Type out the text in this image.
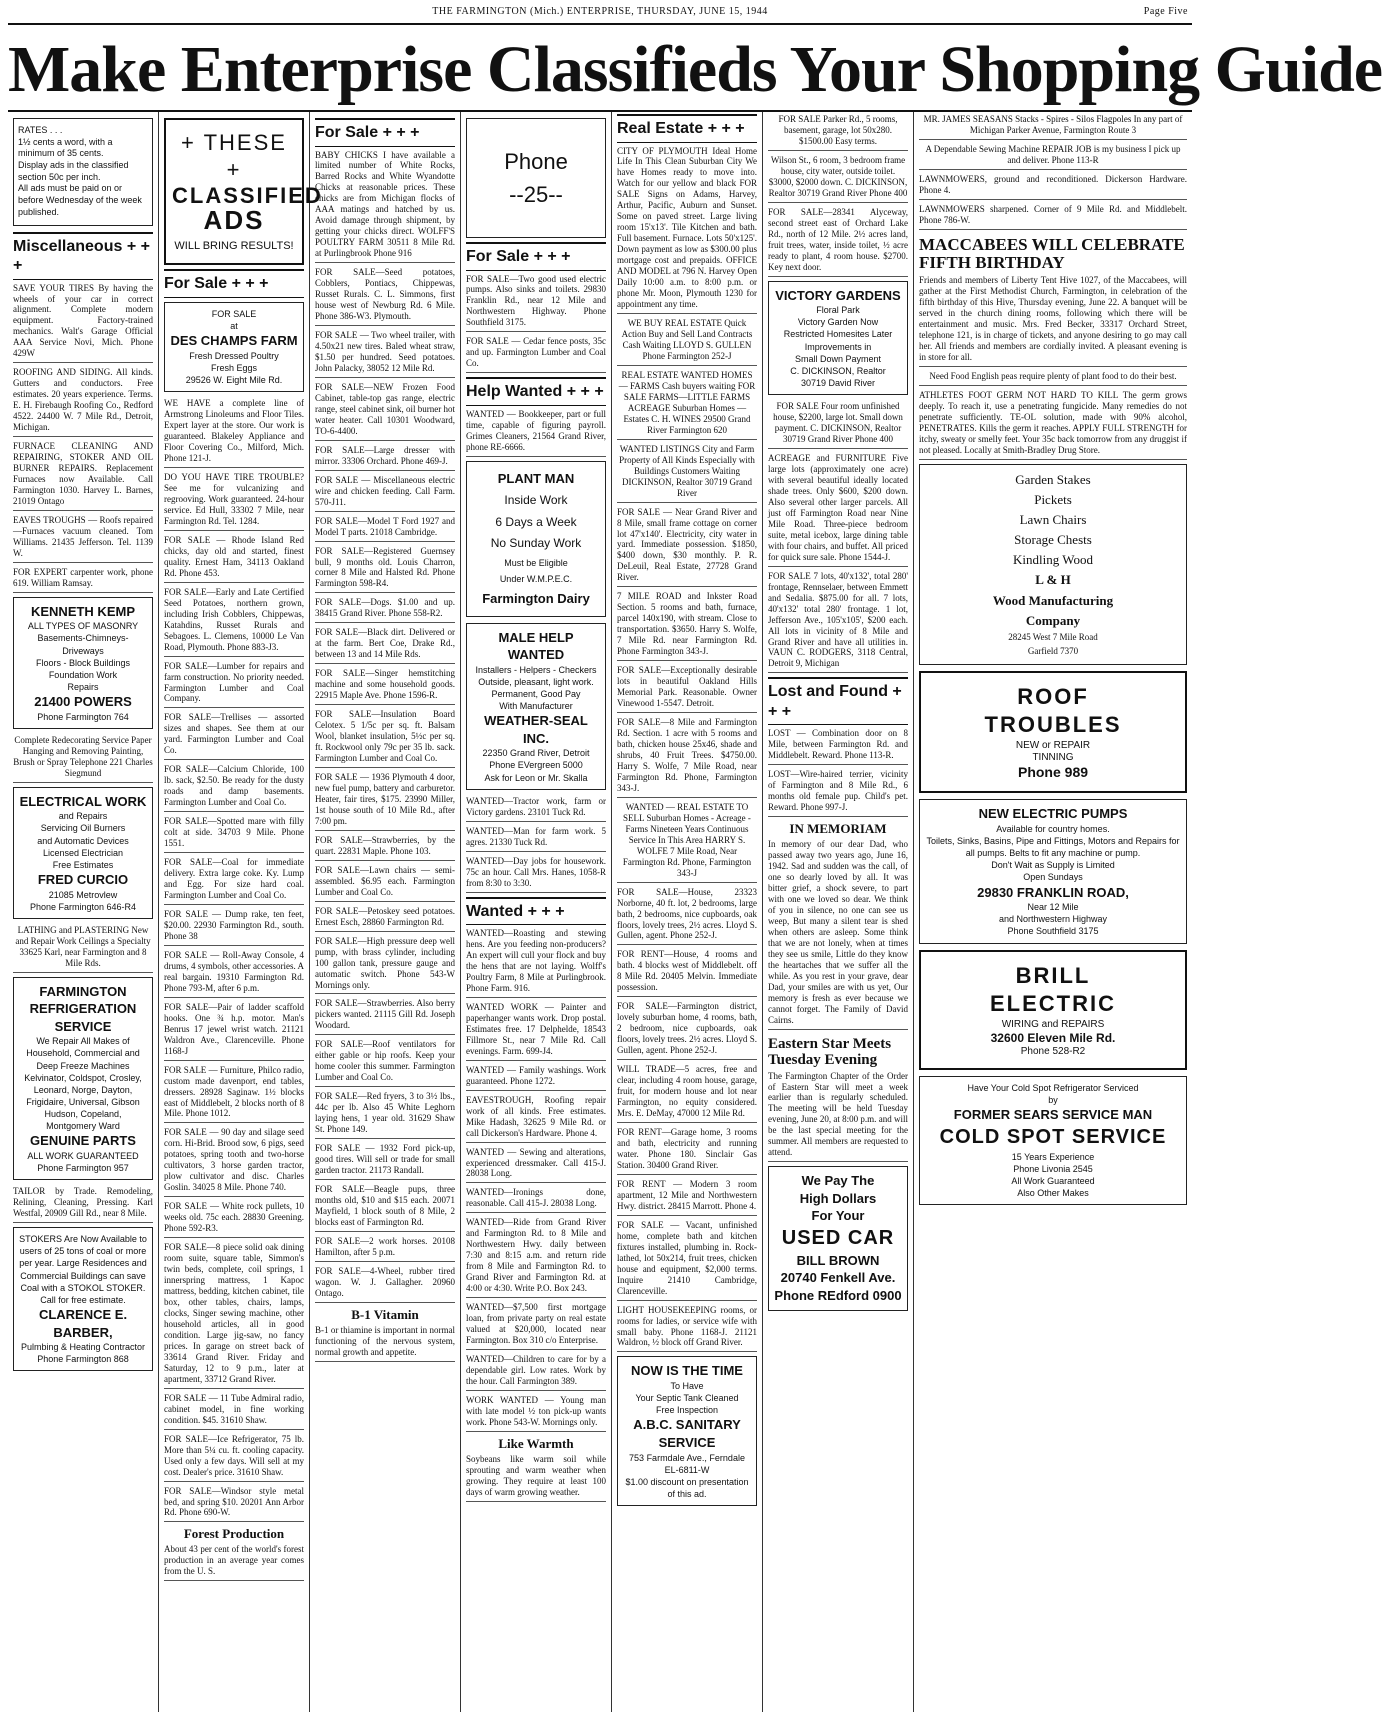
THE FARMINGTON (Mich.) ENTERPRISE, THURSDAY, JUNE 15, 1944	Page Five
Make Enterprise Classifieds Your Shopping Guide
RATES . . .
1½ cents a word, with a minimum of 35 cents.
Display ads in the classified section 50c per inch.
All ads must be paid on or before Wednesday of the week published.
Miscellaneous + + +
SAVE YOUR TIRES By having the wheels of your car in correct alignment. Complete modern equipment. Factory-trained mechanics. Walt's Garage Official AAA Service Novi, Mich. Phone 429W
ROOFING AND SIDING. All kinds. Gutters and conductors. Free estimates. 20 years experience. Terms. E. H. Firebaugh Roofing Co., Redford 4522. 24400 W. 7 Mile Rd., Detroit, Michigan.
FURNACE CLEANING AND REPAIRING, STOKER AND OIL BURNER REPAIRS. Replacement Furnaces now Available. Call Farmington 1030. Harvey L. Barnes, 21019 Ontago
EAVES TROUGHS — Roofs repaired—Furnaces vacuum cleaned. Tom Williams. 21435 Jefferson. Tel. 1139 W.
FOR EXPERT carpenter work, phone 619. William Ramsay.
KENNETH KEMP
ALL TYPES OF MASONRY
Basements-Chimneys-Driveways
Floors - Block Buildings
Foundation Work
Repairs
21400 POWERS
Phone Farmington 764
Complete Redecorating Service Paper Hanging and Removing Painting, Brush or Spray Telephone 221 Charles Siegmund
ELECTRICAL WORK
and Repairs
Servicing Oil Burners
and Automatic Devices
Licensed Electrician
Free Estimates
FRED CURCIO
21085 Metrovlew
Phone Farmington 646-R4
LATHING and PLASTERING New and Repair Work Ceilings a Specialty 33625 Karl, near Farmington and 8 Mile Rds.
FARMINGTON
REFRIGERATION SERVICE
We Repair All Makes of
Household, Commercial and
Deep Freeze Machines
Kelvinator, Coldspot, Crosley,
Leonard, Norge, Dayton,
Frigidaire, Universal, Gibson
Hudson, Copeland,
Montgomery Ward
GENUINE PARTS
ALL WORK GUARANTEED
Phone Farmington 957
TAILOR by Trade. Remodeling, Relining, Cleaning, Pressing. Karl Westfal, 20909 Gill Rd., near 8 Mile.
STOKERS Are Now Available to users of 25 tons of coal or more per year. Large Residences and Commercial Buildings can save Coal with a STOKOL STOKER. Call for free estimate.
CLARENCE E. BARBER,
Pulmbing & Heating Contractor
Phone Farmington 868
+ THESE +
CLASSIFIED
ADS
WILL BRING RESULTS!
For Sale + + +
FOR SALE
at
DES CHAMPS FARM
Fresh Dressed Poultry
Fresh Eggs
29526 W. Eight Mile Rd.
WE HAVE a complete line of Armstrong Linoleums and Floor Tiles. Expert layer at the store. Our work is guaranteed. Blakeley Appliance and Floor Covering Co., Milford, Mich. Phone 121-J.
DO YOU HAVE TIRE TROUBLE? See me for vulcanizing and regrooving. Work guaranteed. 24-hour service. Ed Hull, 33302 7 Mile, near Farmington Rd. Tel. 1284.
FOR SALE — Rhode Island Red chicks, day old and started, finest quality. Ernest Ham, 34113 Oakland Rd. Phone 453.
FOR SALE—Early and Late Certified Seed Potatoes, northern grown, including Irish Cobblers, Chippewas, Katahdins, Russet Rurals and Sebagoes. L. Clemens, 10000 Le Van Road, Plymouth. Phone 883-J3.
FOR SALE—Lumber for repairs and farm construction. No priority needed. Farmington Lumber and Coal Company.
FOR SALE—Trellises — assorted sizes and shapes. See them at our yard. Farmington Lumber and Coal Co.
FOR SALE—Calcium Chloride, 100 lb. sack, $2.50. Be ready for the dusty roads and damp basements. Farmington Lumber and Coal Co.
FOR SALE—Spotted mare with filly colt at side. 34703 9 Mile. Phone 1551.
FOR SALE—Coal for immediate delivery. Extra large coke. Ky. Lump and Egg. For size hard coal. Farmington Lumber and Coal Co.
FOR SALE — Dump rake, ten feet, $20.00. 22930 Farmington Rd., south. Phone 38
FOR SALE — Roll-Away Console, 4 drums, 4 symbols, other accessories. A real bargain. 19310 Farmington Rd. Phone 793-M, after 6 p.m.
FOR SALE—Pair of ladder scaffold hooks. One ¾ h.p. motor. Man's Benrus 17 jewel wrist watch. 21121 Waldron Ave., Clarenceville. Phone 1168-J
FOR SALE — Furniture, Philco radio, custom made davenport, end tables, dressers. 28928 Saginaw. 1½ blocks east of Middlebelt, 2 blocks north of 8 Mile. Phone 1012.
FOR SALE — 90 day and silage seed corn. Hi-Brid. Brood sow, 6 pigs, seed potatoes, spring tooth and two-horse cultivators, 3 horse garden tractor, plow cultivator and disc. Charles Goslin. 34025 8 Mile. Phone 740.
FOR SALE — White rock pullets, 10 weeks old. 75c each. 28830 Greening. Phone 592-R3.
FOR SALE—8 piece solid oak dining room suite, square table, Simmon's twin beds, complete, coil springs, 1 innerspring mattress, 1 Kapoc mattress, bedding, kitchen cabinet, tile box, other tables, chairs, lamps, clocks, Singer sewing machine, other household articles, all in good condition. Large jig-saw, no fancy prices. In garage on street back of 33614 Grand River. Friday and Saturday, 12 to 9 p.m., later at apartment, 33712 Grand River.
FOR SALE — 11 Tube Admiral radio, cabinet model, in fine working condition. $45. 31610 Shaw.
FOR SALE—Ice Refrigerator, 75 lb. More than 5¼ cu. ft. cooling capacity. Used only a few days. Will sell at my cost. Dealer's price. 31610 Shaw.
FOR SALE—Windsor style metal bed, and spring $10. 20201 Ann Arbor Rd. Phone 690-W.
Forest Production
About 43 per cent of the world's forest production in an average year comes from the U. S.
For Sale + + +
BABY CHICKS I have available a limited number of White Rocks, Barred Rocks and White Wyandotte Chicks at reasonable prices. These chicks are from Michigan flocks of AAA matings and hatched by us. Avoid damage through shipment, by getting your chicks direct. WOLFF'S POULTRY FARM 30511 8 Mile Rd. at Purlingbrook Phone 916
FOR SALE—Seed potatoes, Cobblers, Pontiacs, Chippewas, Russet Rurals. C. L. Simmons, first house west of Newburg Rd. 6 Mile. Phone 386-W3. Plymouth.
FOR SALE — Two wheel trailer, with 4.50x21 new tires. Baled wheat straw, $1.50 per hundred. Seed potatoes. John Palacky, 38052 12 Mile Rd.
FOR SALE—NEW Frozen Food Cabinet, table-top gas range, electric range, steel cabinet sink, oil burner hot water heater. Call 10301 Woodward, TO-6-4400.
FOR SALE—Large dresser with mirror. 33306 Orchard. Phone 469-J.
FOR SALE — Miscellaneous electric wire and chicken feeding. Call Farm. 570-J11.
FOR SALE—Model T Ford 1927 and Model T parts. 21018 Cambridge.
FOR SALE—Registered Guernsey bull, 9 months old. Louis Charron, corner 8 Mile and Halsted Rd. Phone Farmington 598-R4.
FOR SALE—Dogs. $1.00 and up. 38415 Grand River. Phone 558-R2.
FOR SALE—Black dirt. Delivered or at the farm. Bert Coe, Drake Rd., between 13 and 14 Mile Rds.
FOR SALE—Singer hemstitching machine and some household goods. 22915 Maple Ave. Phone 1596-R.
FOR SALE—Insulation Board Celotex. 5 1/5c per sq. ft. Balsam Wool, blanket insulation, 5½c per sq. ft. Rockwool only 79c per 35 lb. sack. Farmington Lumber and Coal Co.
FOR SALE — 1936 Plymouth 4 door, new fuel pump, battery and carburetor. Heater, fair tires, $175. 23990 Miller, 1st house south of 10 Mile Rd., after 7:00 pm.
FOR SALE—Strawberries, by the quart. 22831 Maple. Phone 103.
FOR SALE—Lawn chairs — semi-assembled. $6.95 each. Farmington Lumber and Coal Co.
FOR SALE—Petoskey seed potatoes. Ernest Esch, 28860 Farmington Rd.
FOR SALE—High pressure deep well pump, with brass cylinder, including 100 gallon tank, pressure gauge and automatic switch. Phone 543-W Mornings only.
FOR SALE—Strawberries. Also berry pickers wanted. 21115 Gill Rd. Joseph Woodard.
FOR SALE—Roof ventilators for either gable or hip roofs. Keep your home cooler this summer. Farmington Lumber and Coal Co.
FOR SALE—Red fryers, 3 to 3½ lbs., 44c per lb. Also 45 White Leghorn laying hens, 1 year old. 31629 Shaw St. Phone 149.
FOR SALE — 1932 Ford pick-up, good tires. Will sell or trade for small garden tractor. 21173 Randall.
FOR SALE—Beagle pups, three months old, $10 and $15 each. 20071 Mayfield, 1 block south of 8 Mile, 2 blocks east of Farmington Rd.
FOR SALE—2 work horses. 20108 Hamilton, after 5 p.m.
FOR SALE—4-Wheel, rubber tired wagon. W. J. Gallagher. 20960 Ontago.
B-1 Vitamin
B-1 or thiamine is important in normal functioning of the nervous system, normal growth and appetite.
Phone
--25--
For Sale + + +
FOR SALE—Two good used electric pumps. Also sinks and toilets. 29830 Franklin Rd., near 12 Mile and Northwestern Highway. Phone Southfield 3175.
FOR SALE — Cedar fence posts, 35c and up. Farmington Lumber and Coal Co.
Help Wanted + + +
WANTED — Bookkeeper, part or full time, capable of figuring payroll. Grimes Cleaners, 21564 Grand River, phone RE-6666.
PLANT MAN
Inside Work
6 Days a Week
No Sunday Work
Must be Eligible
Under W.M.P.E.C.
Farmington Dairy
MALE HELP WANTED
Installers - Helpers - Checkers
Outside, pleasant, light work.
Permanent, Good Pay
With Manufacturer
WEATHER-SEAL INC.
22350 Grand River, Detroit
Phone EVergreen 5000
Ask for Leon or Mr. Skalla
WANTED—Tractor work, farm or Victory gardens. 23101 Tuck Rd.
WANTED—Man for farm work. 5 agres. 21330 Tuck Rd.
WANTED—Day jobs for housework. 75c an hour. Call Mrs. Hanes, 1058-R from 8:30 to 3:30.
Wanted + + +
WANTED—Roasting and stewing hens. Are you feeding non-producers? An expert will cull your flock and buy the hens that are not laying. Wolff's Poultry Farm, 8 Mile at Purlingbrook. Phone Farm. 916.
WANTED WORK — Painter and paperhanger wants work. Drop postal. Estimates free. 17 Delphelde, 18543 Fillmore St., near 7 Mile Rd. Call evenings. Farm. 699-J4.
WANTED — Family washings. Work guaranteed. Phone 1272.
EAVESTROUGH, Roofing repair work of all kinds. Free estimates. Mike Hadash, 32625 9 Mile Rd. or call Dickerson's Hardware. Phone 4.
WANTED — Sewing and alterations, experienced dressmaker. Call 415-J. 28038 Long.
WANTED—Ironings done, reasonable. Call 415-J. 28038 Long.
WANTED—Ride from Grand River and Farmington Rd. to 8 Mile and Northwestern Hwy. daily between 7:30 and 8:15 a.m. and return ride from 8 Mile and Farmington Rd. to Grand River and Farmington Rd. at 4:00 or 4:30. Write P.O. Box 243.
WANTED—$7,500 first mortgage loan, from private party on real estate valued at $20,000, located near Farmington. Box 310 c/o Enterprise.
WANTED—Children to care for by a dependable girl. Low rates. Work by the hour. Call Farmington 389.
WORK WANTED — Young man with late model ½ ton pick-up wants work. Phone 543-W. Mornings only.
Like Warmth
Soybeans like warm soil while sprouting and warm weather when growing. They require at least 100 days of warm growing weather.
Real Estate + + +
CITY OF PLYMOUTH Ideal Home Life In This Clean Suburban City We have Homes ready to move into. Watch for our yellow and black FOR SALE Signs on Adams, Harvey, Arthur, Pacific, Auburn and Sunset. Some on paved street. Large living room 15'x13'. Tile Kitchen and bath. Full basement. Furnace. Lots 50'x125'. Down payment as low as $300.00 plus mortgage cost and prepaids. OFFICE AND MODEL at 796 N. Harvey Open Daily 10:00 a.m. to 8:00 p.m. or phone Mr. Moon, Plymouth 1230 for appointment any time.
WE BUY REAL ESTATE Quick Action Buy and Sell Land Contracts Cash Waiting LLOYD S. GULLEN Phone Farmington 252-J
REAL ESTATE WANTED HOMES — FARMS Cash buyers waiting FOR SALE FARMS—LITTLE FARMS ACREAGE Suburban Homes — Estates C. H. WINES 29500 Grand River Farmington 620
WANTED LISTINGS City and Farm Property of All Kinds Especially with Buildings Customers Waiting DICKINSON, Realtor 30719 Grand River
FOR SALE — Near Grand River and 8 Mile, small frame cottage on corner lot 47'x140'. Electricity, city water in yard. Immediate possession. $1850, $400 down, $30 monthly. P. R. DeLeuil, Real Estate, 27728 Grand River.
7 MILE ROAD and Inkster Road Section. 5 rooms and bath, furnace, parcel 140x190, with stream. Close to transportation. $3650. Harry S. Wolfe, 7 Mile Rd. near Farmington Rd. Phone Farmington 343-J.
FOR SALE—Exceptionally desirable lots in beautiful Oakland Hills Memorial Park. Reasonable. Owner Vinewood 1-5547. Detroit.
FOR SALE—8 Mile and Farmington Rd. Section. 1 acre with 5 rooms and bath, chicken house 25x46, shade and shrubs, 40 Fruit Trees. $4750.00. Harry S. Wolfe, 7 Mile Road, near Farmington Rd. Phone, Farmington 343-J.
WANTED — REAL ESTATE TO SELL Suburban Homes - Acreage - Farms Nineteen Years Continuous Service In This Area HARRY S. WOLFE 7 Mile Road, Near Farmington Rd. Phone, Farmington 343-J
FOR SALE—House, 23323 Norborne, 40 ft. lot, 2 bedrooms, large bath, 2 bedrooms, nice cupboards, oak floors, lovely trees, 2½ acres. Lloyd S. Gullen, agent. Phone 252-J.
FOR RENT—House, 4 rooms and bath. 4 blocks west of Middlebelt. off 8 Mile Rd. 20405 Melvin. Immediate possession.
FOR SALE—Farmington district, lovely suburban home, 4 rooms, bath, 2 bedroom, nice cupboards, oak floors, lovely trees. 2½ acres. Lloyd S. Gullen, agent. Phone 252-J.
WILL TRADE—5 acres, free and clear, including 4 room house, garage, fruit, for modern house and lot near Farmington, no equity considered. Mrs. E. DeMay, 47000 12 Mile Rd.
FOR RENT—Garage home, 3 rooms and bath, electricity and running water. Phone 180. Sinclair Gas Station. 30400 Grand River.
FOR RENT — Modern 3 room apartment, 12 Mile and Northwestern Hwy. district. 28415 Marrott. Phone 4.
FOR SALE — Vacant, unfinished home, complete bath and kitchen fixtures installed, plumbing in. Rock-lathed, lot 50x214, fruit trees, chicken house and equipment, $2,000 terms. Inquire 21410 Cambridge, Clarenceville.
LIGHT HOUSEKEEPING rooms, or rooms for ladies, or service wife with small baby. Phone 1168-J. 21121 Waldron, ½ block off Grand River.
NOW IS THE TIME
To Have
Your Septic Tank Cleaned
Free Inspection
A.B.C. SANITARY SERVICE
753 Farmdale Ave., Ferndale
EL-6811-W
$1.00 discount on presentation of this ad.
FOR SALE Parker Rd., 5 rooms, basement, garage, lot 50x280. $1500.00 Easy terms.
Wilson St., 6 room, 3 bedroom frame house, city water, outside toilet. $3000, $2000 down. C. DICKINSON, Realtor 30719 Grand River Phone 400
FOR SALE—28341 Alyceway, second street east of Orchard Lake Rd., north of 12 Mile. 2½ acres land, fruit trees, water, inside toilet, ½ acre ready to plant, 4 room house. $2700. Key next door.
VICTORY GARDENS
Floral Park
Victory Garden Now
Restricted Homesites Later
Improvements in
Small Down Payment
C. DICKINSON, Realtor
30719 David River
FOR SALE Four room unfinished house, $2200, large lot. Small down payment. C. DICKINSON, Realtor 30719 Grand River Phone 400
ACREAGE and FURNITURE Five large lots (approximately one acre) with several beautiful ideally located shade trees. Only $600, $200 down. Also several other larger parcels. All just off Farmington Road near Nine Mile Road. Three-piece bedroom suite, metal icebox, large dining table with four chairs, and buffet. All priced for quick sure sale. Phone 1544-J.
FOR SALE 7 lots, 40'x132', total 280' frontage, Rennselaer, between Emmett and Sedalia. $875.00 for all. 7 lots, 40'x132' total 280' frontage. 1 lot, Jefferson Ave., 105'x105', $200 each. All lots in vicinity of 8 Mile and Grand River and have all utilities in. VAUN C. RODGERS, 3118 Central, Detroit 9, Michigan
Lost and Found + + +
LOST — Combination door on 8 Mile, between Farmington Rd. and Middlebelt. Reward. Phone 113-R.
LOST—Wire-haired terrier, vicinity of Farmington and 8 Mile Rd., 6 months old female pup. Child's pet. Reward. Phone 997-J.
IN MEMORIAM
In memory of our dear Dad, who passed away two years ago, June 16, 1942. Sad and sudden was the call, of one so dearly loved by all. It was bitter grief, a shock severe, to part with one we loved so dear. We think of you in silence, no one can see us weep, But many a silent tear is shed when others are asleep. Some think that we are not lonely, when at times they see us smile, Little do they know the heartaches that we suffer all the while. As you rest in your grave, dear Dad, your smiles are with us yet, Our memory is fresh as ever because we cannot forget. The Family of David Cairns.
Eastern Star Meets Tuesday Evening
The Farmington Chapter of the Order of Eastern Star will meet a week earlier than is regularly scheduled. The meeting will be held Tuesday evening, June 20, at 8:00 p.m. and will be the last special meeting for the summer. All members are requested to attend.
We Pay The
High Dollars
For Your
USED CAR
BILL BROWN
20740 Fenkell Ave.
Phone REdford 0900
MR. JAMES SEASANS Stacks - Spires - Silos Flagpoles In any part of Michigan Parker Avenue, Farmington Route 3
A Dependable Sewing Machine REPAIR JOB is my business I pick up and deliver. Phone 113-R
LAWNMOWERS, ground and reconditioned. Dickerson Hardware. Phone 4.
LAWNMOWERS sharpened. Corner of 9 Mile Rd. and Middlebelt. Phone 786-W.
MACCABEES WILL CELEBRATE FIFTH BIRTHDAY
Friends and members of Liberty Tent Hive 1027, of the Maccabees, will gather at the First Methodist Church, Farmington, in celebration of the fifth birthday of this Hive, Thursday evening, June 22. A banquet will be served in the church dining rooms, following which there will be entertainment and music. Mrs. Fred Becker, 33317 Orchard Street, telephone 121, is in charge of tickets, and anyone desiring to go may call her. All friends and members are cordially invited. A pleasant evening is in store for all.
Need Food English peas require plenty of plant food to do their best.
ATHLETES FOOT GERM NOT HARD TO KILL The germ grows deeply. To reach it, use a penetrating fungicide. Many remedies do not penetrate sufficiently. TE-OL solution, made with 90% alcohol, PENETRATES. Kills the germ it reaches. APPLY FULL STRENGTH for itchy, sweaty or smelly feet. Your 35c back tomorrow from any druggist if not pleased. Locally at Smith-Bradley Drug Store.
Garden Stakes
Pickets
Lawn Chairs
Storage Chests
Kindling Wood
L & H
Wood Manufacturing
Company
28245 West 7 Mile Road
Garfield 7370
ROOF
TROUBLES
NEW or REPAIR
TINNING
Phone 989
NEW ELECTRIC PUMPS
Available for country homes.
Toilets, Sinks, Basins, Pipe and Fittings, Motors and Repairs for all pumps. Belts to fit any machine or pump.
Don't Wait as Supply is Limited
Open Sundays
29830 FRANKLIN ROAD,
Near 12 Mile
and Northwestern Highway
Phone Southfield 3175
BRILL
ELECTRIC
WIRING and REPAIRS
32600 Eleven Mile Rd.
Phone 528-R2
Have Your Cold Spot Refrigerator Serviced
by
FORMER SEARS SERVICE MAN
COLD SPOT SERVICE
15 Years Experience
Phone Livonia 2545
All Work Guaranteed
Also Other Makes
